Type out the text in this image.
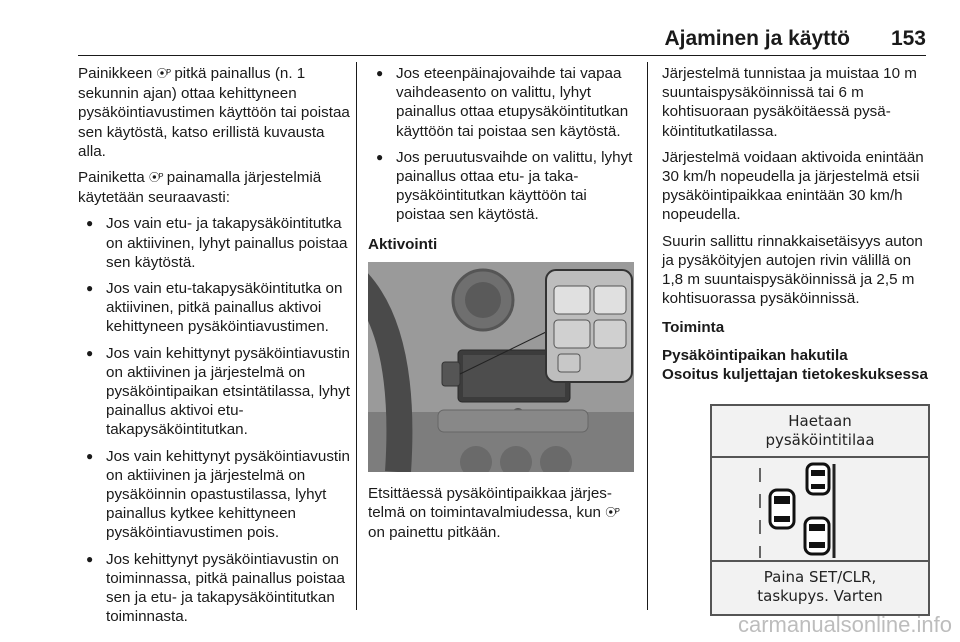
Ajaminen ja käyttö 153

Painikkeen ⦿ᴾ pitkä painallus (n. 1 sekunnin ajan) ottaa kehittyneen pysäköintiavustimen käyttöön tai poistaa sen käytöstä, katso erillistä kuvausta alla.

Painiketta ⦿ᴾ painamalla järjestelmiä käytetään seuraavasti:

● Jos vain etu- ja takapysäköintitutka on aktiivinen, lyhyt painallus poistaa sen käytöstä.
● Jos vain etu-takapysäköintitutka on aktiivinen, pitkä painallus aktivoi kehittyneen pysäköintiavustimen.
● Jos vain kehittynyt pysäköintiavustin on aktiivinen ja järjestelmä on pysäköintipaikan etsintätilassa, lyhyt painallus aktivoi etu- takapysäköintitutkan.
● Jos vain kehittynyt pysäköintiavustin on aktiivinen ja järjestelmä on pysäköinnin opastustilassa, lyhyt painallus kytkee kehittyneen pysäköintiavustimen pois.
● Jos kehittynyt pysäköintiavustin on toiminnassa, pitkä painallus poistaa sen ja etu- ja takapysäköintitutkan toiminnasta.
● Jos eteenpäinajovaihde tai vapaa vaihdeasento on valittu, lyhyt painallus ottaa etupysäköintitutkan käyttöön tai poistaa sen käytöstä.
● Jos peruutusvaihde on valittu, lyhyt painallus ottaa etu- ja takapysäköintitutkan käyttöön tai poistaa sen käytöstä.
Aktivointi

Etsittäessä pysäköintipaikkaa järjestelmä on toimintavalmiudessa, kun ⦿ᴾ on painettu pitkään.

Järjestelmä tunnistaa ja muistaa 10 m suuntaispysäköinnissä tai 6 m kohtisuoraan pysäköitäessä pysäköintitutkatilassa.

Järjestelmä voidaan aktivoida enintään 30 km/h nopeudella ja järjestelmä etsii pysäköintipaikkaa enintään 30 km/h nopeudella.

Suurin sallittu rinnakkaisetäisyys auton ja pysäköityjen autojen rivin välillä on 1,8 m suuntaispysäköinnissä ja 2,5 m kohtisuorassa pysäköinnissä.

Toiminta
Pysäköintipaikan hakutila
Osoitus kuljettajan tietokeskuksessa
Haetaan
pysäköintitilaa
Paina SET/CLR,
taskupys. Varten
carmanualsonline.info
